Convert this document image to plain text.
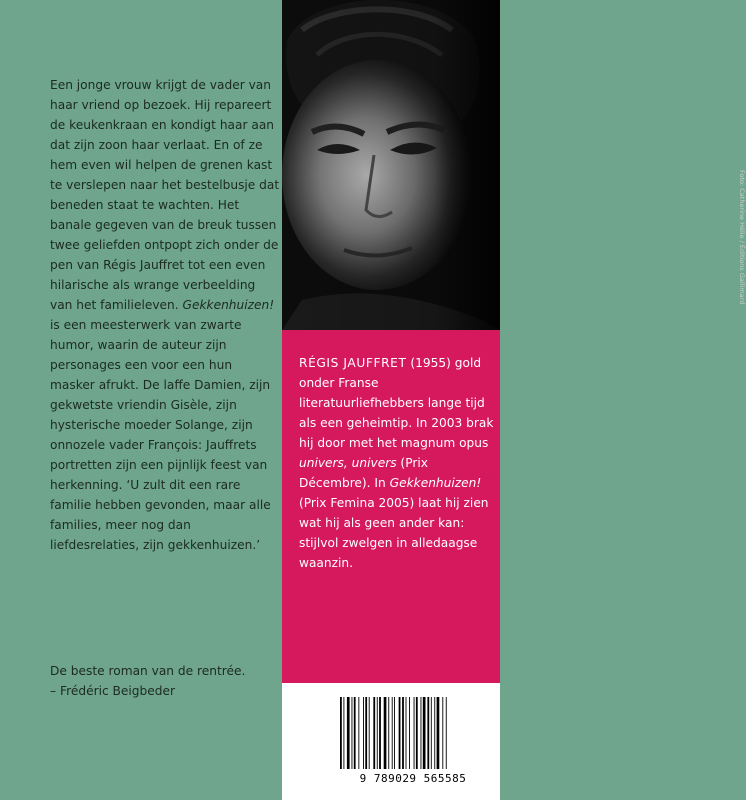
Een jonge vrouw krijgt de vader van haar vriend op bezoek. Hij repareert de keukenkraan en kondigt haar aan dat zijn zoon haar verlaat. En of ze hem even wil helpen de grenen kast te verslepen naar het bestelbusje dat beneden staat te wachten. Het banale gegeven van de breuk tussen twee geliefden ontpopt zich onder de pen van Régis Jauffret tot een even hilarische als wrange verbeelding van het familieleven. Gekkenhuizen! is een meesterwerk van zwarte humor, waarin de auteur zijn personages een voor een hun masker afrukt. De laffe Damien, zijn gekwetste vriendin Gisèle, zijn hysterische moeder Solange, zijn onnozele vader François: Jauffrets portretten zijn een pijnlijk feest van herkenning. ‘U zult dit een rare familie hebben gevonden, maar alle families, meer nog dan liefdesrelaties, zijn gekkenhuizen.’

De beste roman van de rentrée.
– Frédéric Beigbeder

Foto: Catherine Hélie / Éditions Gallimard

RÉGIS JAUFFRET (1955) gold onder Franse literatuurliefhebbers lange tijd als een geheimtip. In 2003 brak hij door met het magnum opus univers, univers (Prix Décembre). In Gekkenhuizen! (Prix Femina 2005) laat hij zien wat hij als geen ander kan: stijlvol zwelgen in alledaagse waanzin.

9 789029 565585
